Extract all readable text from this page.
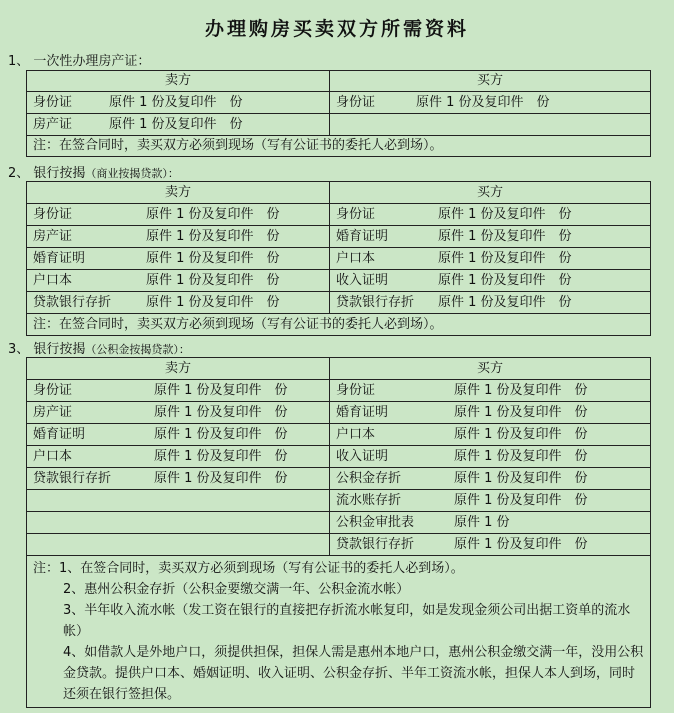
办理购房买卖双方所需资料
1、 一次性办理房产证：
卖方	买方
身份证 原件 1 份及复印件　份	身份证 原件 1 份及复印件　份
房产证 原件 1 份及复印件　份	
注：在签合同时，卖买双方必须到现场（写有公证书的委托人必到场）。	
2、 银行按揭（商业按揭贷款）：
卖方	买方
身份证 原件 1 份及复印件　份	身份证 原件 1 份及复印件　份
房产证 原件 1 份及复印件　份	婚育证明 原件 1 份及复印件　份
婚育证明 原件 1 份及复印件　份	户口本 原件 1 份及复印件　份
户口本 原件 1 份及复印件　份	收入证明 原件 1 份及复印件　份
贷款银行存折 原件 1 份及复印件　份	贷款银行存折 原件 1 份及复印件　份
注：在签合同时，卖买双方必须到现场（写有公证书的委托人必到场）。	
3、 银行按揭（公积金按揭贷款）：
卖方	买方
身份证 原件 1 份及复印件　份	身份证 原件 1 份及复印件　份
房产证 原件 1 份及复印件　份	婚育证明 原件 1 份及复印件　份
婚育证明 原件 1 份及复印件　份	户口本 原件 1 份及复印件　份
户口本 原件 1 份及复印件　份	收入证明 原件 1 份及复印件　份
贷款银行存折 原件 1 份及复印件　份	公积金存折 原件 1 份及复印件　份
	流水账存折 原件 1 份及复印件　份
	公积金审批表 原件 1 份
	贷款银行存折 原件 1 份及复印件　份

注：1、在签合同时，卖买双方必须到现场（写有公证书的委托人必到场）。
2、惠州公积金存折（公积金要缴交满一年、公积金流水帐）
3、半年收入流水帐（发工资在银行的直接把存折流水帐复印，如是发现金须公司出据工资单的流水帐）
4、如借款人是外地户口，须提供担保，担保人需是惠州本地户口，惠州公积金缴交满一年，没用公积金贷款。提供户口本、婚姻证明、收入证明、公积金存折、半年工资流水帐，担保人本人到场，同时还须在银行签担保。	
